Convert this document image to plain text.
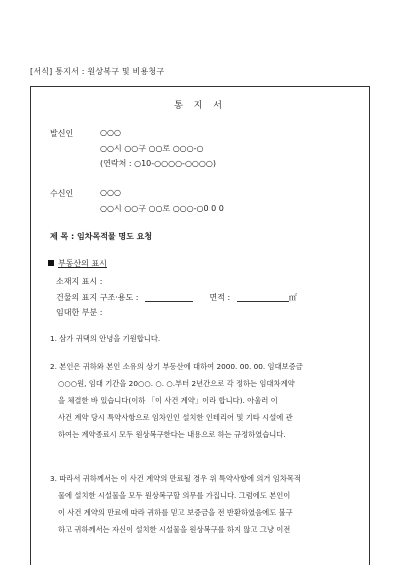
[서식] 통지서 : 원상복구 및 비용청구
통 지 서
발신인	○○○
○○시 ○○구 ○○로 ○○○-○
(연락처 : ○10-○○○○-○○○○)
수신인	○○○
○○시 ○○구 ○○로 ○○○-○0 0 0
제 목 : 임차목적물 명도 요청
부동산의 표시
소재지 표시 :
건물의 표지 구조·용도 :	면적 :	㎡
임대한 부분 :
1. 삼가 귀댁의 안녕을 기원합니다.
2. 본인은 귀하와 본인 소유의 상기 부동산에 대하여 2000. 00. 00. 임대보증금
○○○원, 임대 기간을 20○○. ○. ○.부터 2년간으로 각 정하는 임대차계약
을 체결한 바 있습니다(이하 「이 사건 계약」이라 합니다). 아울러 이
사건 계약 당시 특약사항으로 임차인인 설치한 인테리어 및 기타 시설에 관
하여는 계약종료시 모두 원상복구한다는 내용으로 하는 규정하였습니다.
3. 따라서 귀하께서는 이 사건 계약의 만료될 경우 위 특약사항에 의거 임차목적
물에 설치한 시설물을 모두 원상복구할 의무를 가집니다. 그럼에도 본인이
이 사건 계약의 만료에 따라 귀하를 믿고 보증금을 전 반환하였음에도 불구
하고 귀하께서는 자신이 설치한 시설물을 원상복구를 하지 않고 그냥 이전
